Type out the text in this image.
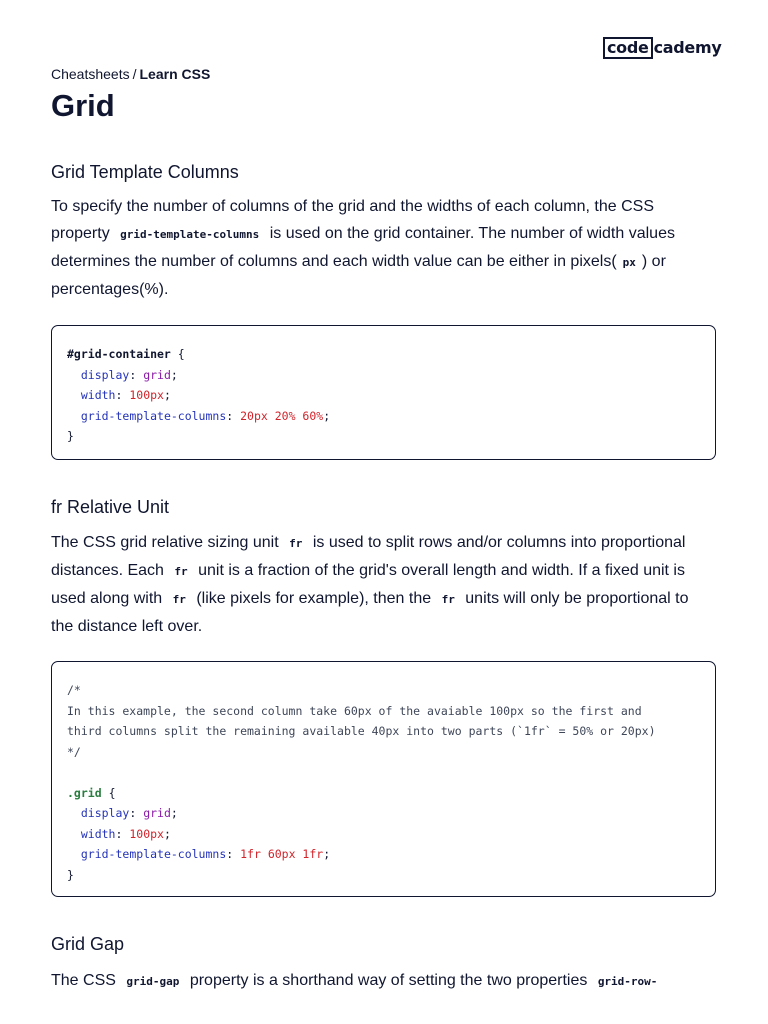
code cademy
Cheatsheets / Learn CSS
Grid
Grid Template Columns
To specify the number of columns of the grid and the widths of each column, the CSS
property grid-template-columns is used on the grid container. The number of width values
determines the number of columns and each width value can be either in pixels( px ) or
percentages(%).
#grid-container {
display: grid;
width: 100px;
grid-template-columns: 20px 20% 60%;
}
fr Relative Unit
The CSS grid relative sizing unit fr is used to split rows and/or columns into proportional
distances. Each fr unit is a fraction of the grid's overall length and width. If a fixed unit is
used along with fr (like pixels for example), then the fr units will only be proportional to
the distance left over.
/*
In this example, the second column take 60px of the avaiable 100px so the first and
third columns split the remaining available 40px into two parts (`1fr` = 50% or 20px)
*/

.grid {
display: grid;
width: 100px;
grid-template-columns: 1fr 60px 1fr;
}
Grid Gap
The CSS grid-gap property is a shorthand way of setting the two properties grid-row-
